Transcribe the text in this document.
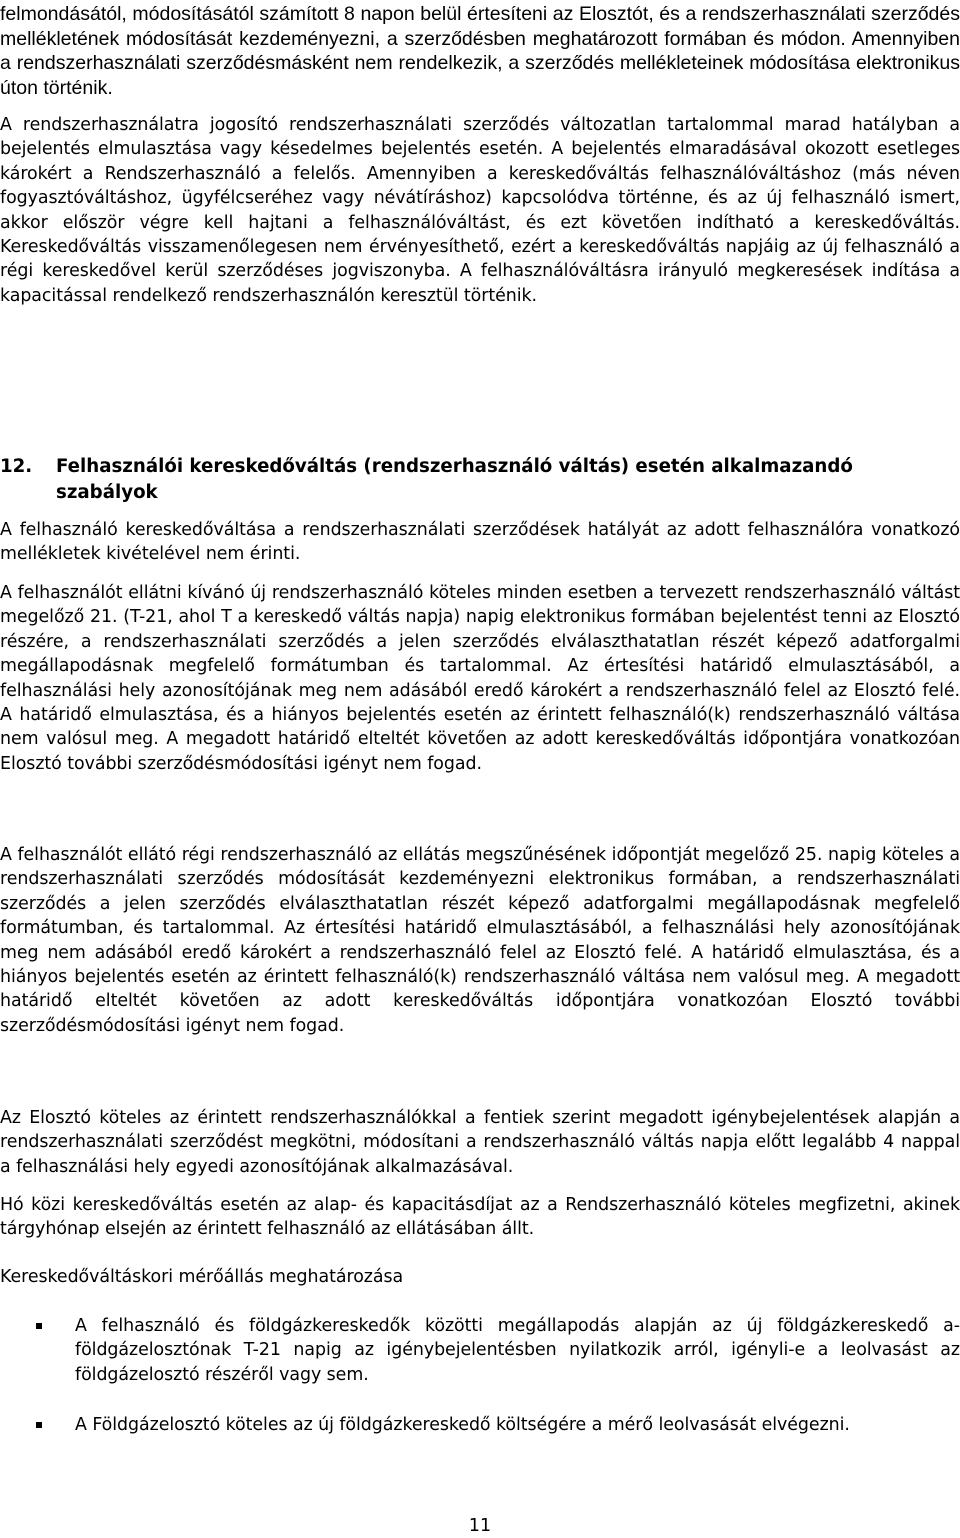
felmondásától, módosításától számított 8 napon belül értesíteni az Elosztót, és a rendszerhasználati szerződés mellékletének módosítását kezdeményezni, a szerződésben meghatározott formában és módon. Amennyiben a rendszerhasználati szerződésmásként nem rendelkezik, a szerződés mellékleteinek módosítása elektronikus úton történik.

A rendszerhasználatra jogosító rendszerhasználati szerződés változatlan tartalommal marad hatályban a bejelentés elmulasztása vagy késedelmes bejelentés esetén. A bejelentés elmaradásával okozott esetleges károkért a Rendszerhasználó a felelős. Amennyiben a kereskedőváltás felhasználóváltáshoz (más néven fogyasztóváltáshoz, ügyfélcseréhez vagy névátíráshoz) kapcsolódva történne, és az új felhasználó ismert, akkor először végre kell hajtani a felhasználóváltást, és ezt követően indítható a kereskedőváltás. Kereskedőváltás visszamenőlegesen nem érvényesíthető, ezért a kereskedőváltás napjáig az új felhasználó a régi kereskedővel kerül szerződéses jogviszonyba. A felhasználóváltásra irányuló megkeresések indítása a kapacitással rendelkező rendszerhasználón keresztül történik.

12. Felhasználói kereskedőváltás (rendszerhasználó váltás) esetén alkalmazandó szabályok

A felhasználó kereskedőváltása a rendszerhasználati szerződések hatályát az adott felhasználóra vonatkozó mellékletek kivételével nem érinti.

A felhasználót ellátni kívánó új rendszerhasználó köteles minden esetben a tervezett rendszerhasználó váltást megelőző 21. (T-21, ahol T a kereskedő váltás napja) napig elektronikus formában bejelentést tenni az Elosztó részére, a rendszerhasználati szerződés a jelen szerződés elválaszthatatlan részét képező adatforgalmi megállapodásnak megfelelő formátumban és tartalommal. Az értesítési határidő elmulasztásából, a felhasználási hely azonosítójának meg nem adásából eredő károkért a rendszerhasználó felel az Elosztó felé. A határidő elmulasztása, és a hiányos bejelentés esetén az érintett felhasználó(k) rendszerhasználó váltása nem valósul meg. A megadott határidő elteltét követően az adott kereskedőváltás időpontjára vonatkozóan Elosztó további szerződésmódosítási igényt nem fogad.

A felhasználót ellátó régi rendszerhasználó az ellátás megszűnésének időpontját megelőző 25. napig köteles a rendszerhasználati szerződés módosítását kezdeményezni elektronikus formában, a rendszerhasználati szerződés a jelen szerződés elválaszthatatlan részét képező adatforgalmi megállapodásnak megfelelő formátumban, és tartalommal. Az értesítési határidő elmulasztásából, a felhasználási hely azonosítójának meg nem adásából eredő károkért a rendszerhasználó felel az Elosztó felé. A határidő elmulasztása, és a hiányos bejelentés esetén az érintett felhasználó(k) rendszerhasználó váltása nem valósul meg. A megadott határidő elteltét követően az adott kereskedőváltás időpontjára vonatkozóan Elosztó további szerződésmódosítási igényt nem fogad.

Az Elosztó köteles az érintett rendszerhasználókkal a fentiek szerint megadott igénybejelentések alapján a rendszerhasználati szerződést megkötni, módosítani a rendszerhasználó váltás napja előtt legalább 4 nappal a felhasználási hely egyedi azonosítójának alkalmazásával.

Hó közi kereskedőváltás esetén az alap- és kapacitásdíjat az a Rendszerhasználó köteles megfizetni, akinek tárgyhónap elsején az érintett felhasználó az ellátásában állt.

Kereskedőváltáskori mérőállás meghatározása

A felhasználó és földgázkereskedők közötti megállapodás alapján az új földgázkereskedő a- földgázelosztónak T-21 napig az igénybejelentésben nyilatkozik arról, igényli-e a leolvasást az földgázelosztó részéről vagy sem.

A Földgázelosztó köteles az új földgázkereskedő költségére a mérő leolvasását elvégezni.

11
